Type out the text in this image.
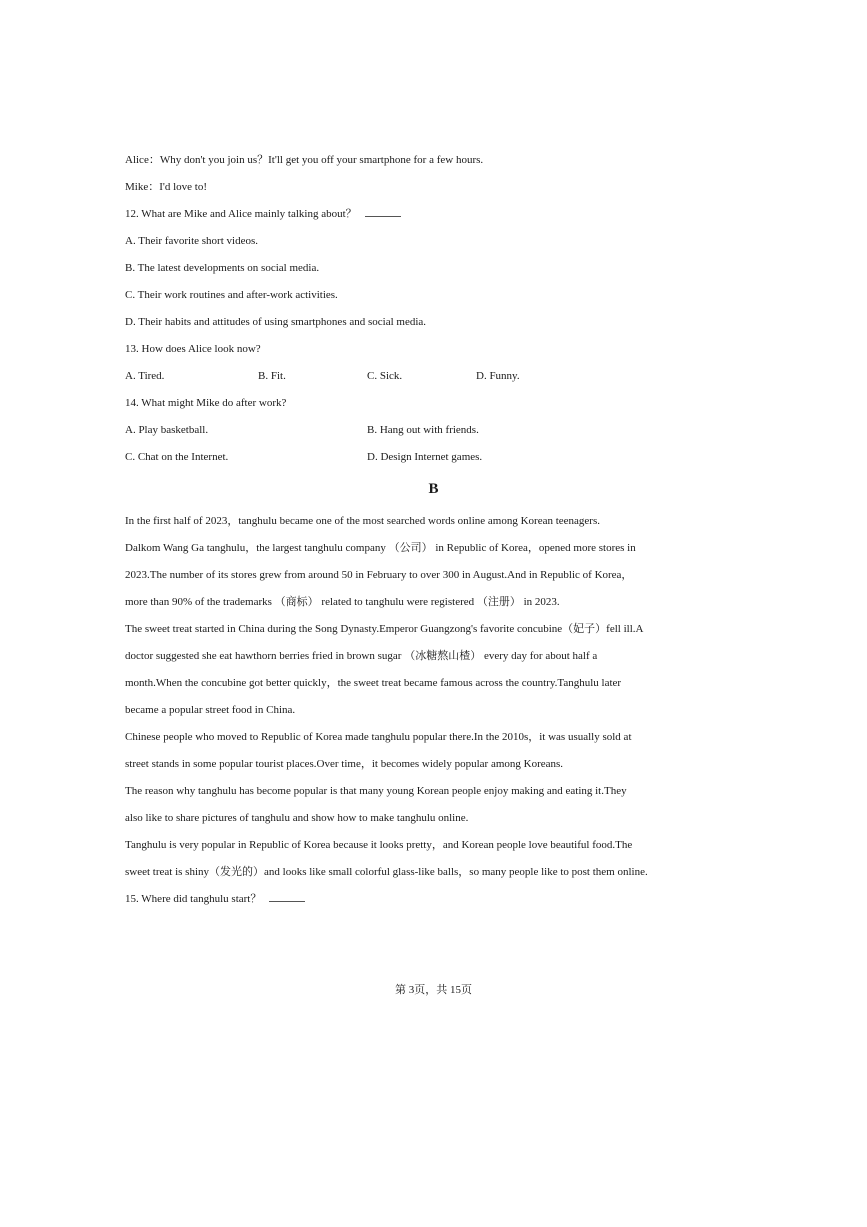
Alice：Why don't you join us？It'll get you off your smartphone for a few hours.
Mike：I'd love to!
12. What are Mike and Alice mainly talking about？
A. Their favorite short videos.
B. The latest developments on social media.
C. Their work routines and after-work activities.
D. Their habits and attitudes of using smartphones and social media.
13. How does Alice look now?
A. Tired.	B. Fit.	C. Sick.	D. Funny.
14. What might Mike do after work?
A. Play basketball.	B. Hang out with friends.
C. Chat on the Internet.	D. Design Internet games.
B
In the first half of 2023，tanghulu became one of the most searched words online among Korean teenagers.
Dalkom Wang Ga tanghulu，the largest tanghulu company （公司） in Republic of Korea，opened more stores in
2023.The number of its stores grew from around 50 in February to over 300 in August.And in Republic of Korea，
more than 90% of the trademarks （商标） related to tanghulu were registered （注册） in 2023.
The sweet treat started in China during the Song Dynasty.Emperor Guangzong's favorite concubine（妃子）fell ill.A
doctor suggested she eat hawthorn berries fried in brown sugar （冰糖熬山楂） every day for about half a
month.When the concubine got better quickly，the sweet treat became famous across the country.Tanghulu later
became a popular street food in China.
Chinese people who moved to Republic of Korea made tanghulu popular there.In the 2010s，it was usually sold at
street stands in some popular tourist places.Over time，it becomes widely popular among Koreans.
The reason why tanghulu has become popular is that many young Korean people enjoy making and eating it.They
also like to share pictures of tanghulu and show how to make tanghulu online.
Tanghulu is very popular in Republic of Korea because it looks pretty，and Korean people love beautiful food.The
sweet treat is shiny（发光的）and looks like small colorful glass-like balls，so many people like to post them online.
15. Where did tanghulu start？
第 3页，共 15页
